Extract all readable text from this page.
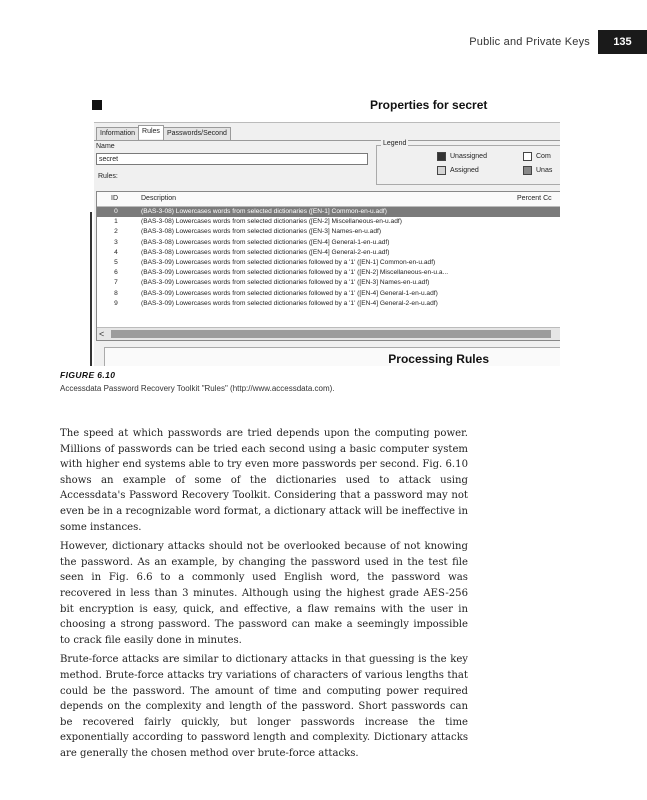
Public and Private Keys	135
Properties for secret
Information	Rules	Passwords/Second
Name
secret
Rules:
Legend
Unassigned	Com
Assigned	Unas
ID	Description	Percent Cc
0	(BAS-3-08) Lowercases words from selected dictionaries ([EN-1] Common-en-u.adf)
1	(BAS-3-08) Lowercases words from selected dictionaries ([EN-2] Miscellaneous-en-u.adf)
2	(BAS-3-08) Lowercases words from selected dictionaries ([EN-3] Names-en-u.adf)
3	(BAS-3-08) Lowercases words from selected dictionaries ([EN-4] General-1-en-u.adf)
4	(BAS-3-08) Lowercases words from selected dictionaries ([EN-4] General-2-en-u.adf)
5	(BAS-3-09) Lowercases words from selected dictionaries followed by a '1' ([EN-1] Common-en-u.adf)
6	(BAS-3-09) Lowercases words from selected dictionaries followed by a '1' ([EN-2] Miscellaneous-en-u.a...
7	(BAS-3-09) Lowercases words from selected dictionaries followed by a '1' ([EN-3] Names-en-u.adf)
8	(BAS-3-09) Lowercases words from selected dictionaries followed by a '1' ([EN-4] General-1-en-u.adf)
9	(BAS-3-09) Lowercases words from selected dictionaries followed by a '1' ([EN-4] General-2-en-u.adf)
<
Processing Rules
FIGURE 6.10
Accessdata Password Recovery Toolkit "Rules" (http://www.accessdata.com).

The speed at which passwords are tried depends upon the computing power. Millions of passwords can be tried each second using a basic computer system with higher end systems able to try even more passwords per second. Fig. 6.10 shows an example of some of the dictionaries used to attack using Accessdata's Password Recovery Toolkit. Considering that a password may not even be in a recognizable word format, a dictionary attack will be ineffective in some instances.

However, dictionary attacks should not be overlooked because of not knowing the password. As an example, by changing the password used in the test file seen in Fig. 6.6 to a commonly used English word, the password was recovered in less than 3 minutes. Although using the highest grade AES-256 bit encryption is easy, quick, and effective, a flaw remains with the user in choosing a strong password. The password can make a seemingly impossible to crack file easily done in minutes.

Brute-force attacks are similar to dictionary attacks in that guessing is the key method. Brute-force attacks try variations of characters of various lengths that could be the password. The amount of time and computing power required depends on the complexity and length of the password. Short passwords can be recovered fairly quickly, but longer passwords increase the time exponentially according to password length and complexity. Dictionary attacks are generally the chosen method over brute-force attacks.
